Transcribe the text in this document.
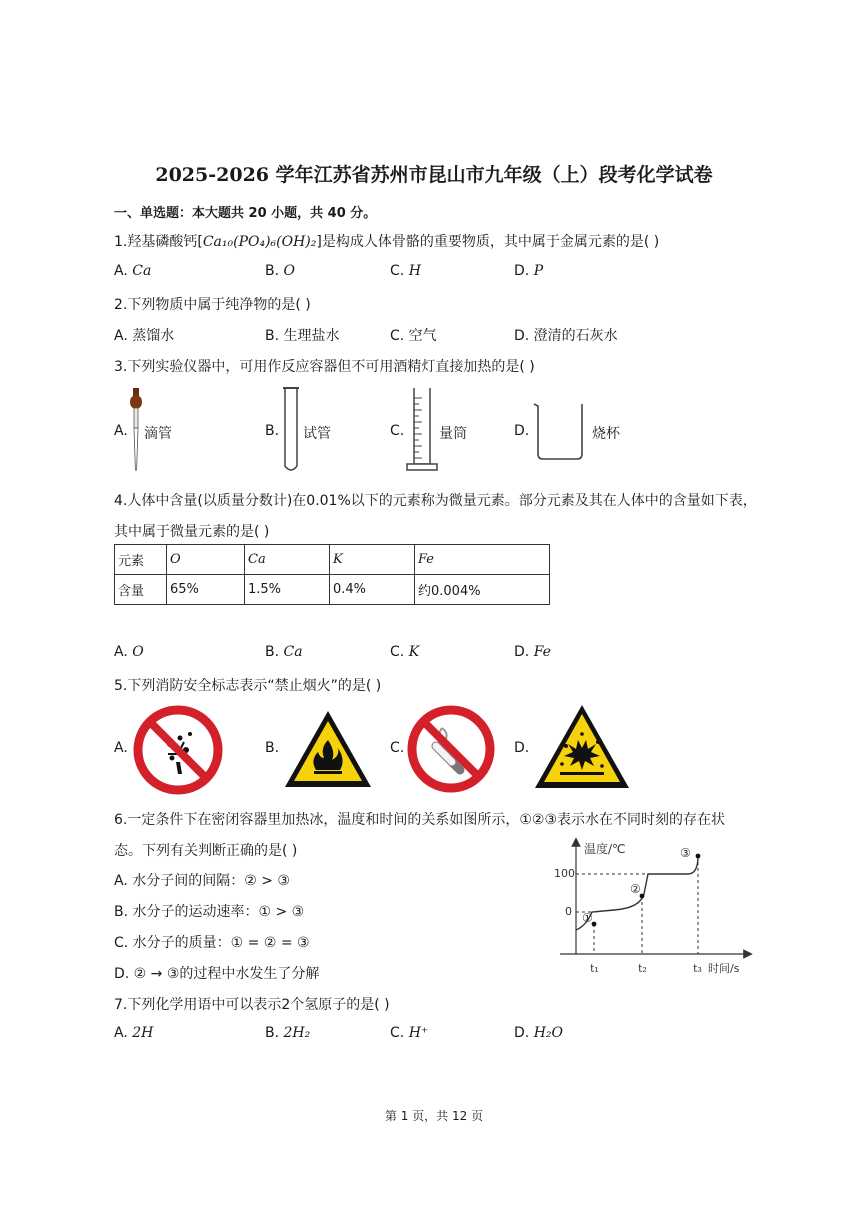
2025-2026 学年江苏省苏州市昆山市九年级（上）段考化学试卷
一、单选题：本大题共 20 小题，共 40 分。
1.羟基磷酸钙[Ca₁₀(PO₄)₆(OH)₂]是构成人体骨骼的重要物质，其中属于金属元素的是( )
A. Ca	B. O	C. H	D. P
2.下列物质中属于纯净物的是( )
A. 蒸馏水	B. 生理盐水	C. 空气	D. 澄清的石灰水
3.下列实验仪器中，可用作反应容器但不可用酒精灯直接加热的是( )
A. 滴管	B. 试管	C. 量筒	D.	烧杯
4.人体中含量(以质量分数计)在0.01%以下的元素称为微量元素。部分元素及其在人体中的含量如下表，
其中属于微量元素的是( )
元素	O	Ca	K	Fe
含量	65%	1.5%	0.4%	约0.004%
A. O	B. Ca	C. K	D. Fe
5.下列消防安全标志表示“禁止烟火”的是( )
A.	B.	C.	D.
6.一定条件下在密闭容器里加热冰，温度和时间的关系如图所示，①②③表示水在不同时刻的存在状
态。下列有关判断正确的是( )
A. 水分子间的间隔：② > ③
B. 水分子的运动速率：① > ③
C. 水分子的质量：① = ② = ③
D. ② → ③的过程中水发生了分解
温度/℃
时间/s
100
0 ①
②
③
t₁	t₂	t₃
7.下列化学用语中可以表示2个氢原子的是( )
A. 2H	B. 2H₂	C. H⁺	D. H₂O
第 1 页，共 12 页
